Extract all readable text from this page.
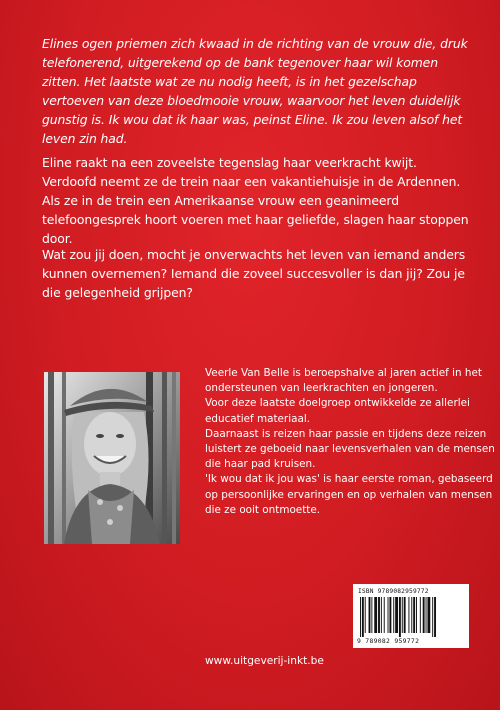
Elines ogen priemen zich kwaad in de richting van de vrouw die, druk telefonerend, uitgerekend op de bank tegenover haar wil komen zitten. Het laatste wat ze nu nodig heeft, is in het gezelschap vertoeven van deze bloedmooie vrouw, waarvoor het leven duidelijk gunstig is. Ik wou dat ik haar was, peinst Eline. Ik zou leven alsof het leven zin had.

Eline raakt na een zoveelste tegenslag haar veerkracht kwijt. Verdoofd neemt ze de trein naar een vakantiehuisje in de Ardennen. Als ze in de trein een Amerikaanse vrouw een geanimeerd telefoongesprek hoort voeren met haar geliefde, slagen haar stoppen door.

Wat zou jij doen, mocht je onverwachts het leven van iemand anders kunnen overnemen? Iemand die zoveel succesvoller is dan jij? Zou je die gelegenheid grijpen?

Veerle Van Belle is beroepshalve al jaren actief in het ondersteunen van leerkrachten en jongeren.
Voor deze laatste doelgroep ontwikkelde ze allerlei educatief materiaal.
Daarnaast is reizen haar passie en tijdens deze reizen luistert ze geboeid naar levensverhalen van de mensen die haar pad kruisen.
'Ik wou dat ik jou was' is haar eerste roman, gebaseerd op persoonlijke ervaringen en op verhalen van mensen die ze ooit ontmoette.
ISBN 9789082959772
9 789082 959772
www.uitgeverij-inkt.be
